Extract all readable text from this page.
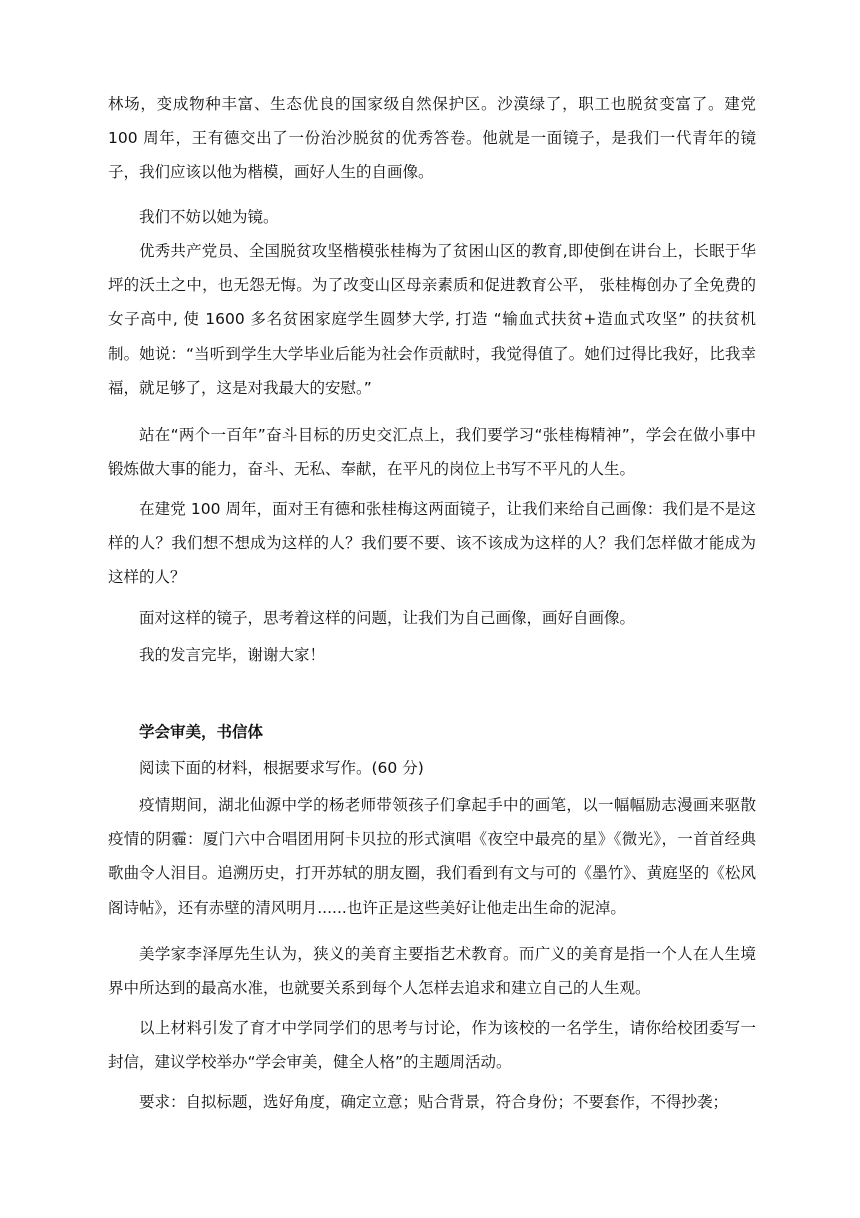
林场，变成物种丰富、生态优良的国家级自然保护区。沙漠绿了，职工也脱贫变富了。建党 100 周年，王有德交出了一份治沙脱贫的优秀答卷。他就是一面镜子，是我们一代青年的镜子，我们应该以他为楷模，画好人生的自画像。

我们不妨以她为镜。

优秀共产党员、全国脱贫攻坚楷模张桂梅为了贫困山区的教育,即使倒在讲台上，长眠于华坪的沃土之中，也无怨无悔。为了改变山区母亲素质和促进教育公平， 张桂梅创办了全免费的女子高中, 使 1600 多名贫困家庭学生圆梦大学, 打造 “输血式扶贫+造血式攻坚” 的扶贫机制。她说：“当听到学生大学毕业后能为社会作贡献时，我觉得值了。她们过得比我好，比我幸福，就足够了，这是对我最大的安慰。”

站在“两个一百年”奋斗目标的历史交汇点上，我们要学习“张桂梅精神”，学会在做小事中锻炼做大事的能力，奋斗、无私、奉献，在平凡的岗位上书写不平凡的人生。

在建党 100 周年，面对王有德和张桂梅这两面镜子，让我们来给自己画像：我们是不是这样的人？我们想不想成为这样的人？我们要不要、该不该成为这样的人？我们怎样做才能成为这样的人？

面对这样的镜子，思考着这样的问题，让我们为自己画像，画好自画像。

我的发言完毕，谢谢大家！

学会审美，书信体

阅读下面的材料，根据要求写作。(60 分)

疫情期间，湖北仙源中学的杨老师带领孩子们拿起手中的画笔，以一幅幅励志漫画来驱散疫情的阴霾：厦门六中合唱团用阿卡贝拉的形式演唱《夜空中最亮的星》《微光》，一首首经典歌曲令人泪目。追溯历史，打开苏轼的朋友圈，我们看到有文与可的《墨竹》、黄庭坚的《松风阁诗帖》，还有赤壁的清风明月......也许正是这些美好让他走出生命的泥淖。

美学家李泽厚先生认为，狭义的美育主要指艺术教育。而广义的美育是指一个人在人生境界中所达到的最高水准，也就要关系到每个人怎样去追求和建立自己的人生观。

以上材料引发了育才中学同学们的思考与讨论，作为该校的一名学生，请你给校团委写一封信，建议学校举办“学会审美，健全人格”的主题周活动。

要求：自拟标题，选好角度，确定立意；贴合背景，符合身份；不要套作，不得抄袭；
